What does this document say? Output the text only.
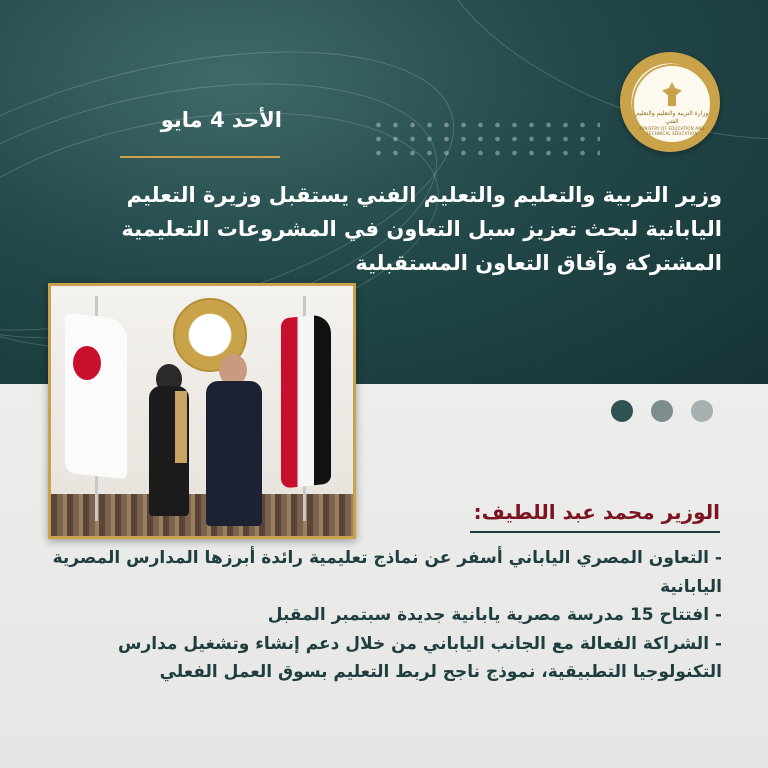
وزارة التربية والتعليم والتعليم الفني
MINISTRY OF EDUCATION AND TECHNICAL EDUCATION
الأحد 4 مايو
وزير التربية والتعليم والتعليم الفني يستقبل وزيرة التعليم اليابانية لبحث تعزيز سبل التعاون في المشروعات التعليمية المشتركة وآفاق التعاون المستقبلية
الوزير محمد عبد اللطيف:

- التعاون المصري الياباني أسفر عن نماذج تعليمية رائدة أبرزها المدارس المصرية اليابانية

- افتتاح 15 مدرسة مصرية يابانية جديدة سبتمبر المقبل

- الشراكة الفعالة مع الجانب الياباني من خلال دعم إنشاء وتشغيل مدارس التكنولوجيا التطبيقية، نموذج ناجح لربط التعليم بسوق العمل الفعلي
